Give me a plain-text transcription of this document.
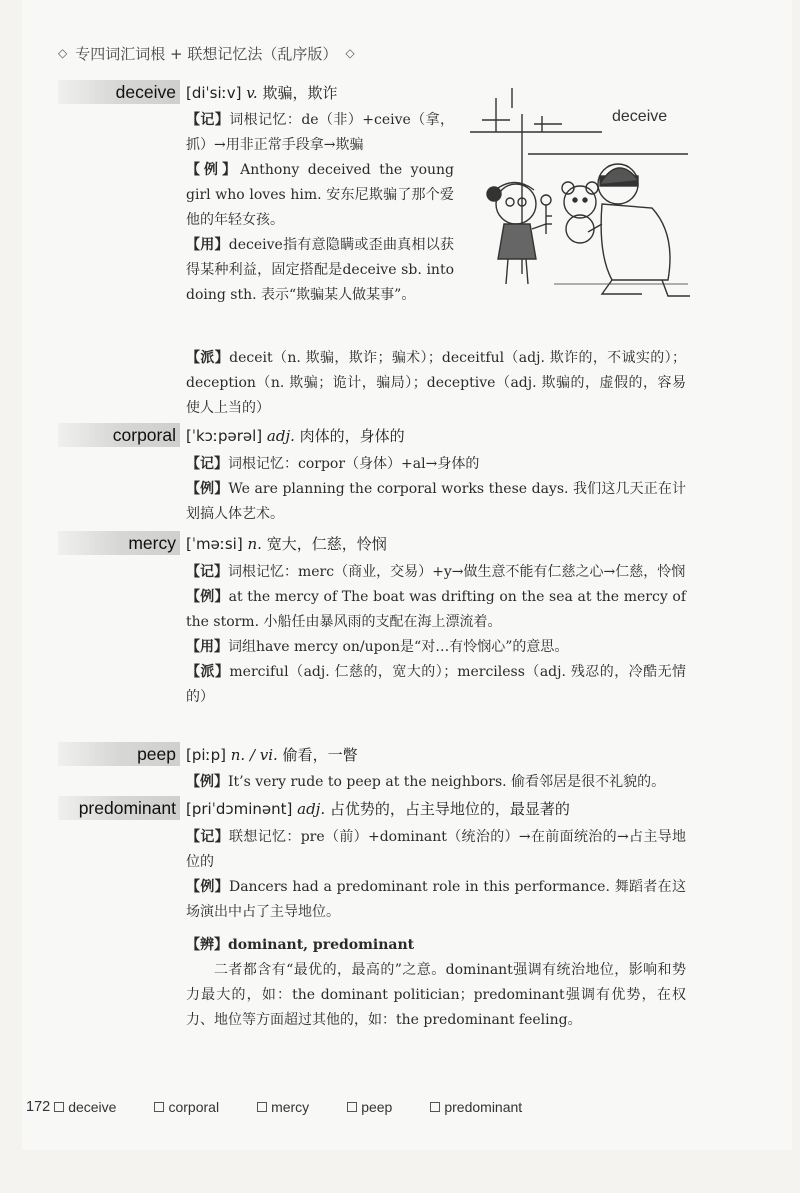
◇ 专四词汇词根 + 联想记忆法（乱序版） ◇
deceive [diˈsiːv] v. 欺骗，欺诈
【 记 】 词根记忆：de（非）+ceive（拿，抓）→用非正常手段拿→欺骗
【 例 】 Anthony deceived the young girl who loves him. 安东尼欺骗了那个爱他的年轻女孩。
【 用 】 deceive指有意隐瞒或歪曲真相以获得某种利益，固定搭配是deceive sb. into doing sth. 表示“欺骗某人做某事”。
【 派 】 deceit（n. 欺骗，欺诈；骗术）；deceitful（adj. 欺诈的，不诚实的）；deception（n. 欺骗；诡计，骗局）；deceptive（adj. 欺骗的，虚假的，容易使人上当的）
deceive
corporal [ˈkɔːpərəl] adj. 肉体的，身体的
【 记 】 词根记忆：corpor（身体）+al→身体的
【 例 】 We are planning the corporal works these days. 我们这几天正在计划搞人体艺术。
mercy [ˈməːsi] n. 宽大，仁慈，怜悯
【 记 】 词根记忆：merc（商业，交易）+y→做生意不能有仁慈之心→仁慈，怜悯
【 例 】 at the mercy of The boat was drifting on the sea at the mercy of the storm. 小船任由暴风雨的支配在海上漂流着。
【 用 】 词组have mercy on/upon是“对…有怜悯心”的意思。
【 派 】 merciful（adj. 仁慈的，宽大的）；merciless（adj. 残忍的，冷酷无情的）
peep [piːp] n. / vi. 偷看，一瞥
【 例 】 It’s very rude to peep at the neighbors. 偷看邻居是很不礼貌的。
predominant [priˈdɔminənt] adj. 占优势的，占主导地位的，最显著的
【 记 】 联想记忆：pre（前）+dominant（统治的）→在前面统治的→占主导地位的
【 例 】 Dancers had a predominant role in this performance. 舞蹈者在这场演出中占了主导地位。
【 辨 】 dominant, predominant
二者都含有“最优的，最高的”之意。dominant强调有统治地位，影响和势力最大的，如：the dominant politician；predominant强调有优势，在权力、地位等方面超过其他的，如：the predominant feeling。
172 deceive	corporal	mercy	peep	predominant
